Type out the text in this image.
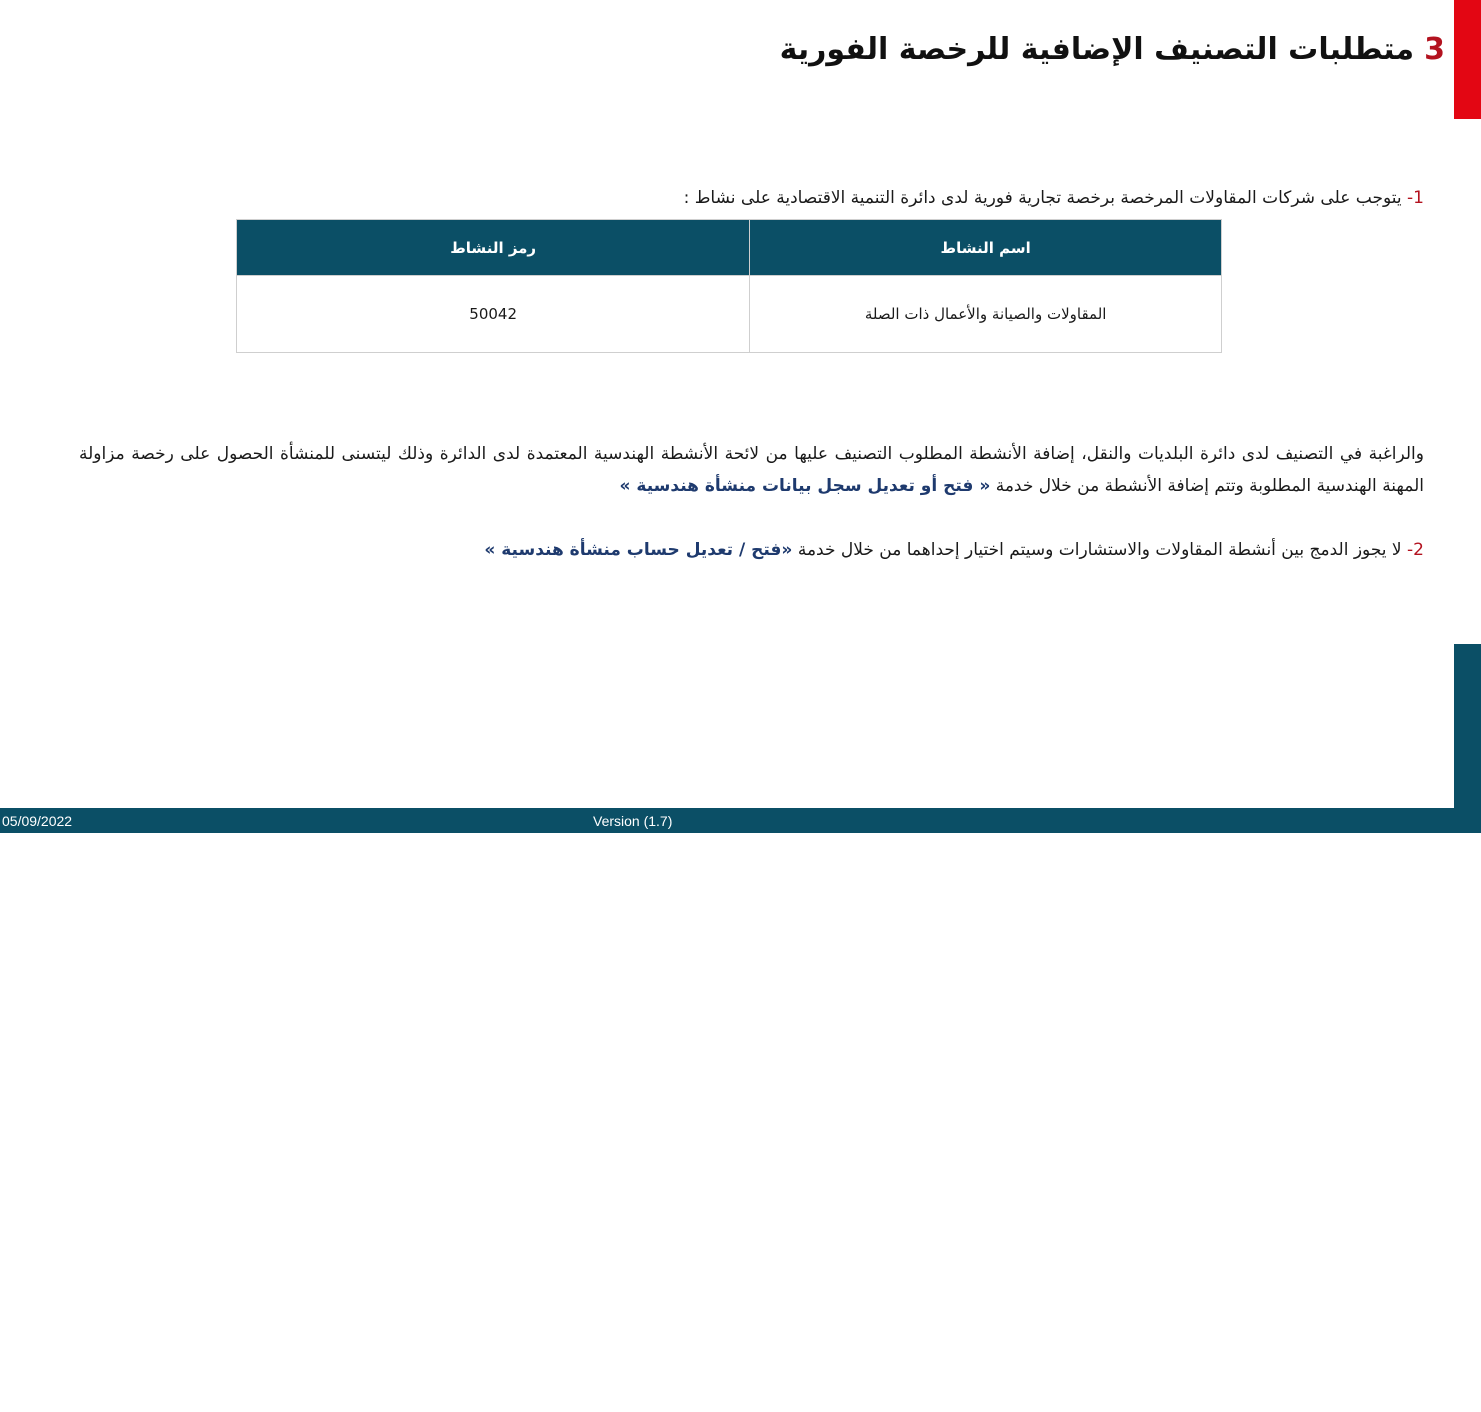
12
3متطلبات التصنيف الإضافية للرخصة الفورية
1- يتوجب على شركات المقاولات المرخصة برخصة تجارية فورية لدى دائرة التنمية الاقتصادية على نشاط :
اسم النشاط	رمز النشاط
المقاولات والصيانة والأعمال ذات الصلة	50042
والراغبة في التصنيف لدى دائرة البلديات والنقل، إضافة الأنشطة المطلوب التصنيف عليها من لائحة الأنشطة الهندسية المعتمدة لدى الدائرة وذلك ليتسنى للمنشأة الحصول على رخصة مزاولة المهنة الهندسية المطلوبة وتتم إضافة الأنشطة من خلال خدمة « فتح أو تعديل سجل بيانات منشأة هندسية »
2- لا يجوز الدمج بين أنشطة المقاولات والاستشارات وسيتم اختيار إحداهما من خلال خدمة «فتح / تعديل حساب منشأة هندسية »
05/09/2022	Version (1.7)
